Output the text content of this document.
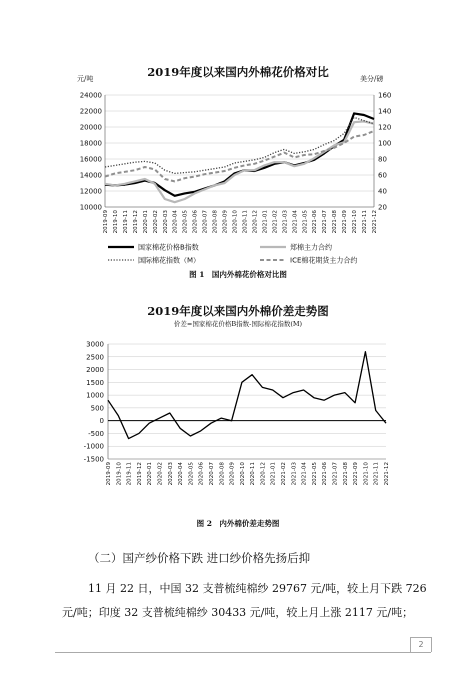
2019年度以来国内外棉花价格对比
元/吨	美分/磅
24000	160
22000	140
20000	120
18000	100
16000	80
14000	60
12000	40
10000	20
2019-09 2019-10 2019-11 2019-12 2020-01 2020-02 2020-03 2020-04 2020-05 2020-06 2020-07 2020-08 2020-09 2020-10 2020-11 2020-12 2021-01 2021-02 2021-03 2021-04 2021-05 2021-06 2021-07 2021-08 2021-09 2021-10 2021-11 2021-12
国家棉花价格B指数	郑棉主力合约
国际棉花指数（M）	ICE棉花期货主力合约
图 1　国内外棉花价格对比图
2019年度以来国内外棉价差走势图
价差=国家棉花价格B指数-国际棉花指数(M)
3000
2500
2000
1500
1000
500
0
-500
-1000
-1500
2019-09 2019-10 2019-11 2019-12 2020-01 2020-02 2020-03 2020-04 2020-05 2020-06 2020-07 2020-08 2020-09 2020-10 2020-11 2020-12 2021-01 2021-02 2021-03 2021-04 2021-05 2021-06 2021-07 2021-08 2021-09 2021-10 2021-11 2021-12
图 2　内外棉价差走势图
（二）国产纱价格下跌 进口纱价格先扬后抑
11 月 22 日，中国 32 支普梳纯棉纱 29767 元/吨，较上月下跌 726
元/吨；印度 32 支普梳纯棉纱 30433 元/吨，较上月上涨 2117 元/吨；
2
